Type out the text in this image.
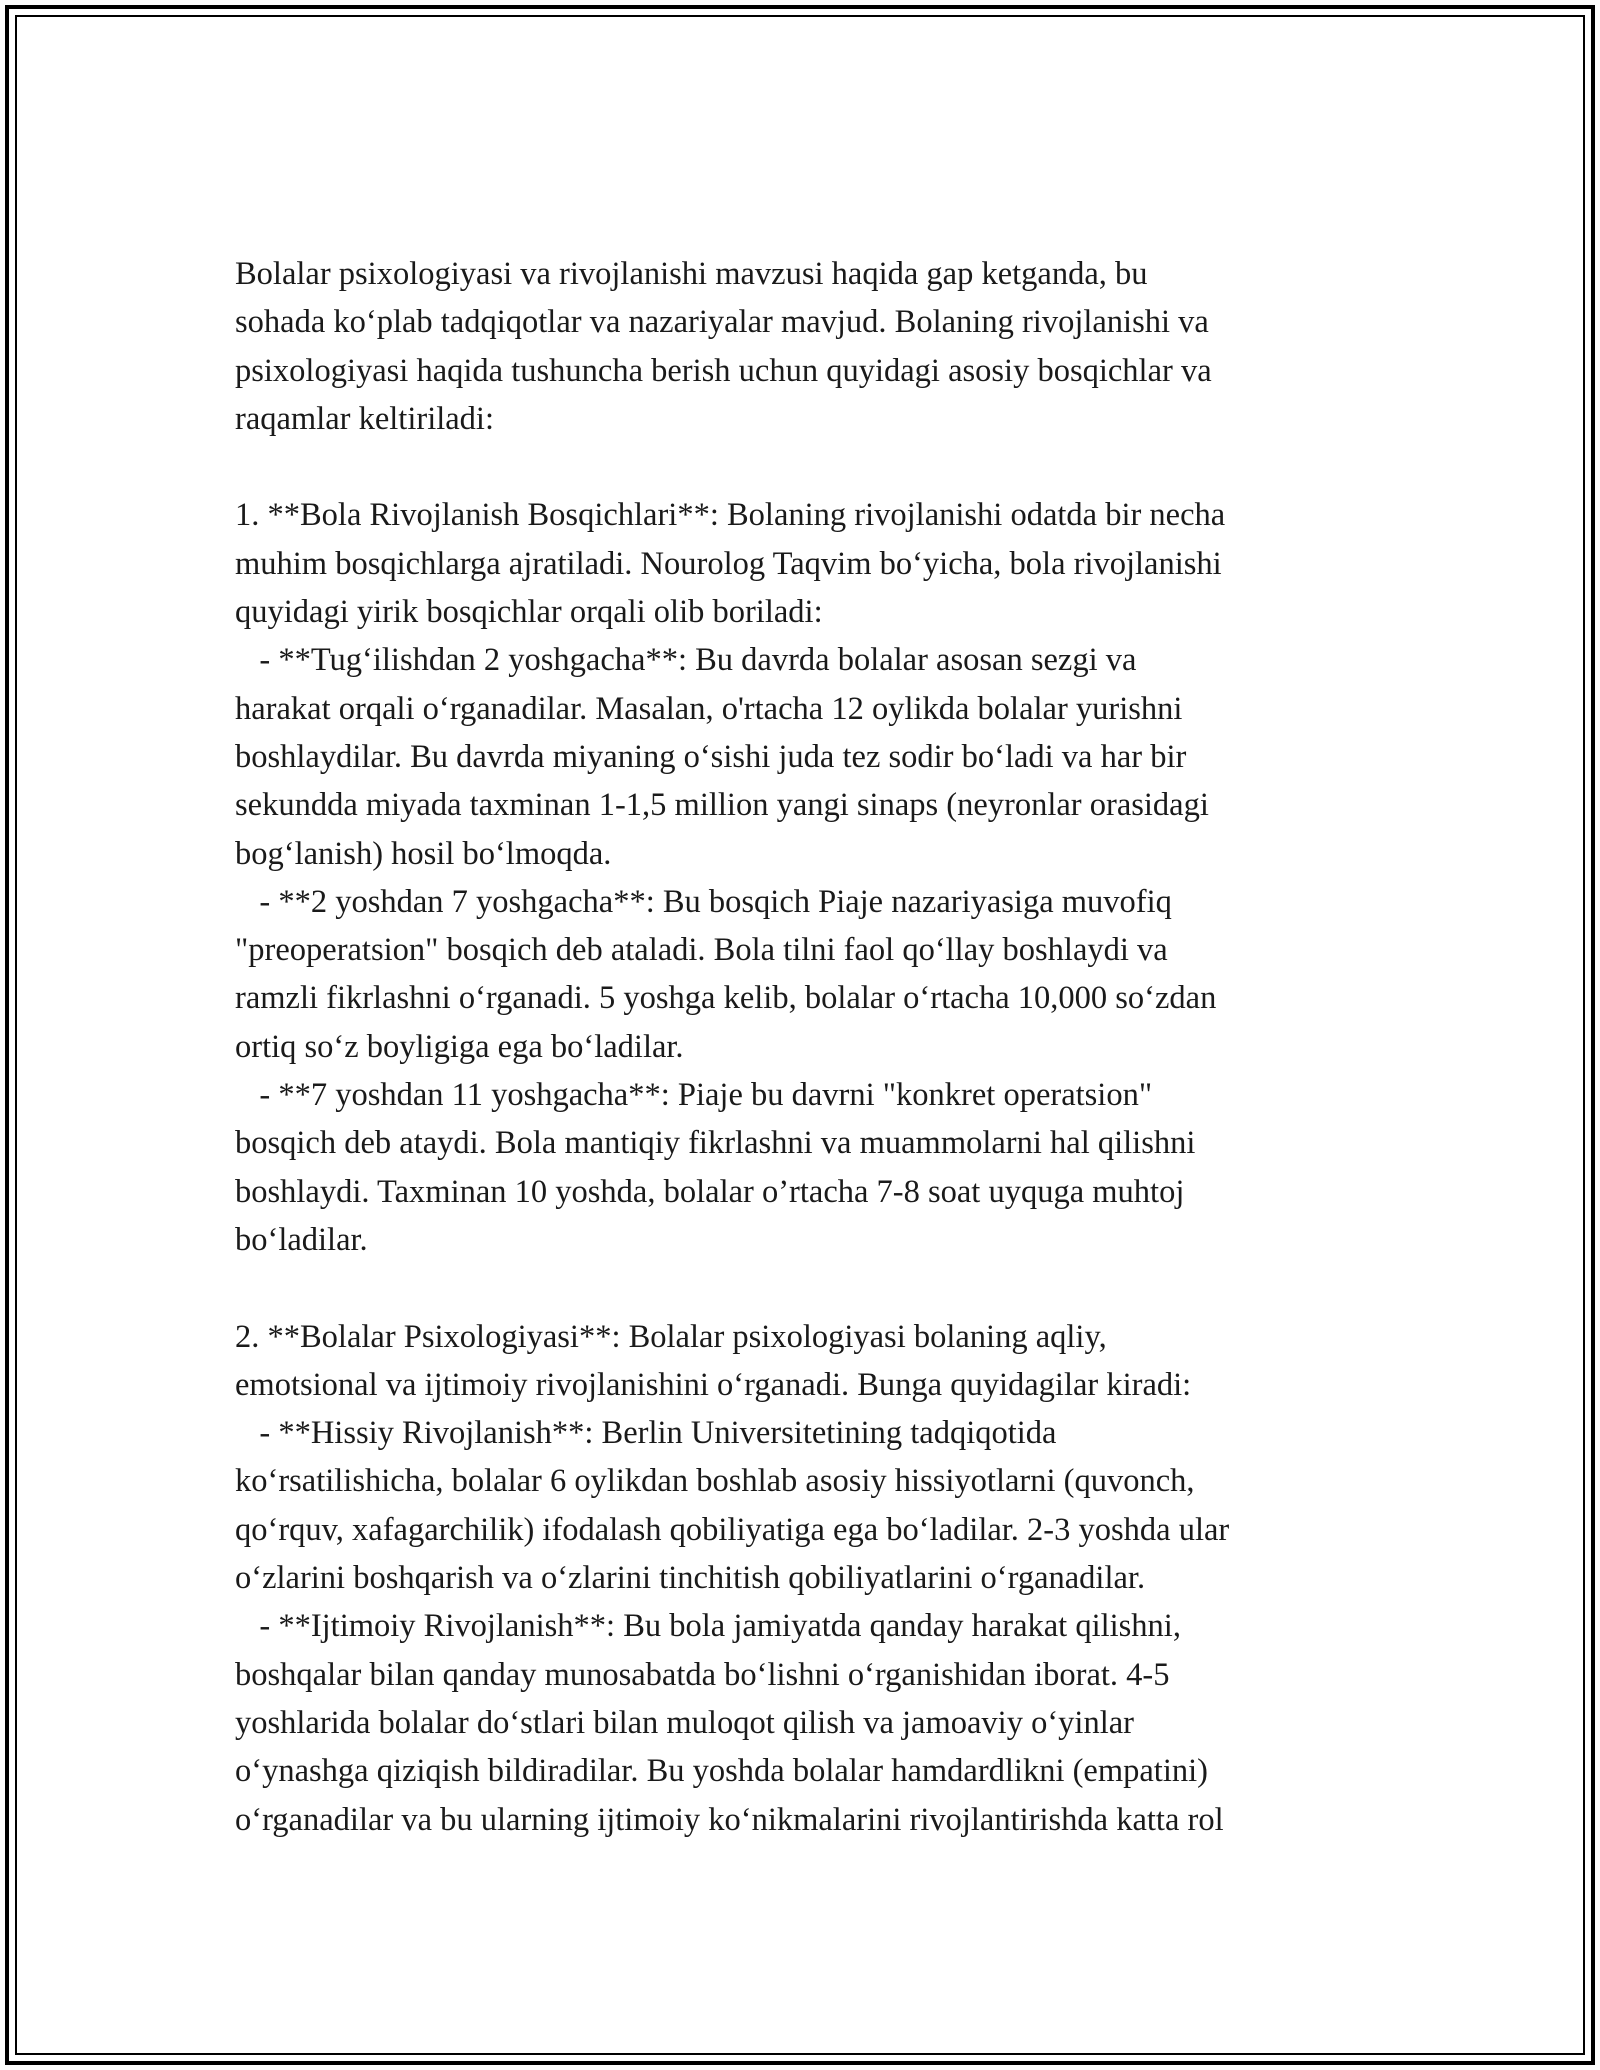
Bolalar psixologiyasi va rivojlanishi mavzusi haqida gap ketganda, bu
sohada ko‘plab tadqiqotlar va nazariyalar mavjud. Bolaning rivojlanishi va
psixologiyasi haqida tushuncha berish uchun quyidagi asosiy bosqichlar va
raqamlar keltiriladi:
1. **Bola Rivojlanish Bosqichlari**: Bolaning rivojlanishi odatda bir necha
muhim bosqichlarga ajratiladi. Nourolog Taqvim bo‘yicha, bola rivojlanishi
quyidagi yirik bosqichlar orqali olib boriladi:
- **Tug‘ilishdan 2 yoshgacha**: Bu davrda bolalar asosan sezgi va
harakat orqali o‘rganadilar. Masalan, o'rtacha 12 oylikda bolalar yurishni
boshlaydilar. Bu davrda miyaning o‘sishi juda tez sodir bo‘ladi va har bir
sekundda miyada taxminan 1-1,5 million yangi sinaps (neyronlar orasidagi
bog‘lanish) hosil bo‘lmoqda.
- **2 yoshdan 7 yoshgacha**: Bu bosqich Piaje nazariyasiga muvofiq
"preoperatsion" bosqich deb ataladi. Bola tilni faol qo‘llay boshlaydi va
ramzli fikrlashni o‘rganadi. 5 yoshga kelib, bolalar o‘rtacha 10,000 so‘zdan
ortiq so‘z boyligiga ega bo‘ladilar.
- **7 yoshdan 11 yoshgacha**: Piaje bu davrni "konkret operatsion"
bosqich deb ataydi. Bola mantiqiy fikrlashni va muammolarni hal qilishni
boshlaydi. Taxminan 10 yoshda, bolalar o’rtacha 7-8 soat uyquga muhtoj
bo‘ladilar.
2. **Bolalar Psixologiyasi**: Bolalar psixologiyasi bolaning aqliy,
emotsional va ijtimoiy rivojlanishini o‘rganadi. Bunga quyidagilar kiradi:
- **Hissiy Rivojlanish**: Berlin Universitetining tadqiqotida
ko‘rsatilishicha, bolalar 6 oylikdan boshlab asosiy hissiyotlarni (quvonch,
qo‘rquv, xafagarchilik) ifodalash qobiliyatiga ega bo‘ladilar. 2-3 yoshda ular
o‘zlarini boshqarish va o‘zlarini tinchitish qobiliyatlarini o‘rganadilar.
- **Ijtimoiy Rivojlanish**: Bu bola jamiyatda qanday harakat qilishni,
boshqalar bilan qanday munosabatda bo‘lishni o‘rganishidan iborat. 4-5
yoshlarida bolalar do‘stlari bilan muloqot qilish va jamoaviy o‘yinlar
o‘ynashga qiziqish bildiradilar. Bu yoshda bolalar hamdardlikni (empatini)
o‘rganadilar va bu ularning ijtimoiy ko‘nikmalarini rivojlantirishda katta rol
